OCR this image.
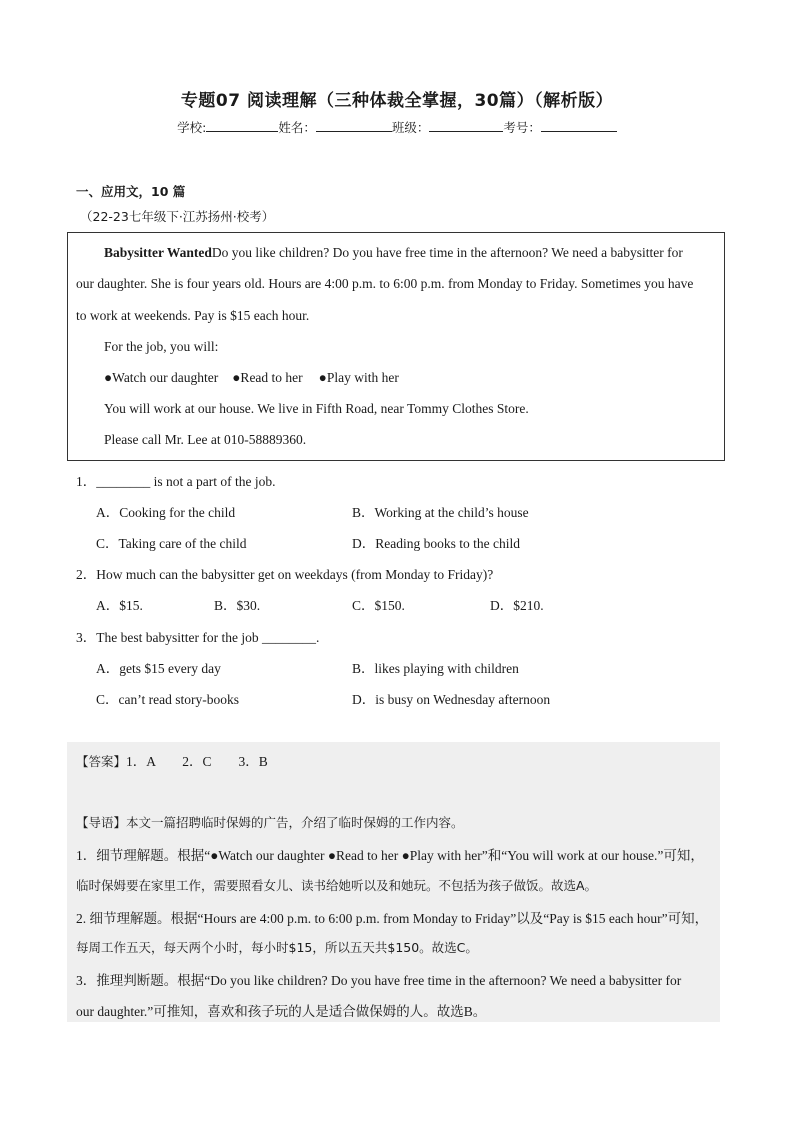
专题07 阅读理解（三种体裁全掌握，30篇）（解析版）
学校:	姓名：	班级：	考号：
一、应用文，10 篇
（22-23七年级下·江苏扬州·校考）
Babysitter WantedDo you like children? Do you have free time in the afternoon? We need a babysitter for
our daughter. She is four years old. Hours are 4:00 p.m. to 6:00 p.m. from Monday to Friday. Sometimes you have
to work at weekends. Pay is $15 each hour.
For the job, you will:
●Watch our daughter ●Read to her ●Play with her
You will work at our house. We live in Fifth Road, near Tommy Clothes Store.
Please call Mr. Lee at 010-58889360.
1．________ is not a part of the job.
A．Cooking for the child	B．Working at the child’s house
C．Taking care of the child	D．Reading books to the child
2．How much can the babysitter get on weekdays (from Monday to Friday)?
A．$15.	B．$30.	C．$150.	D．$210.
3．The best babysitter for the job ________.
A．gets $15 every day	B．likes playing with children
C．can’t read story-books	D．is busy on Wednesday afternoon
【答案】1．A　　2．C　　3．B
【导语】本文一篇招聘临时保姆的广告，介绍了临时保姆的工作内容。
1．细节理解题。根据“●Watch our daughter ●Read to her ●Play with her”和“You will work at our house.”可知，
临时保姆要在家里工作，需要照看女儿、读书给她听以及和她玩。不包括为孩子做饭。故选A。
2. 细节理解题。根据“Hours are 4:00 p.m. to 6:00 p.m. from Monday to Friday”以及“Pay is $15 each hour”可知，
每周工作五天，每天两个小时，每小时$15，所以五天共$150。故选C。
3．推理判断题。根据“Do you like children? Do you have free time in the afternoon? We need a babysitter for
our daughter.”可推知，喜欢和孩子玩的人是适合做保姆的人。故选B。
